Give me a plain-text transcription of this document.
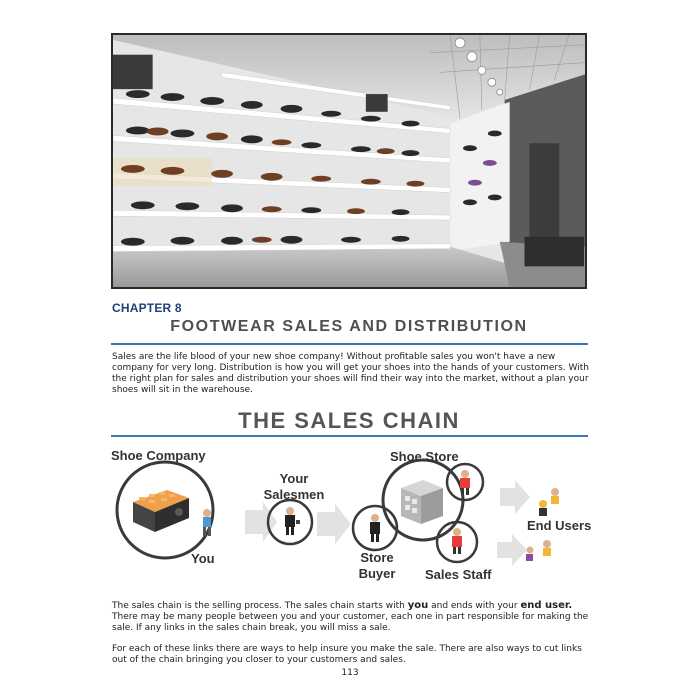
CHAPTER 8
FOOTWEAR SALES AND DISTRIBUTION
Sales are the life blood of your new shoe company! Without profitable sales you won't have a new company for very long. Distribution is how you will get your shoes into the hands of your customers. With the right plan for sales and distribution your shoes will find their way into the market, without a plan your shoes will sit in the warehouse.
THE SALES CHAIN
Shoe Company
You
Your
Salesmen
Shoe Store
Store
Buyer Sales Staff
End Users
The sales chain is the selling process. The sales chain starts with you and ends with your end user. There may be many people between you and your customer, each one in part responsible for making the sale. If any links in the sales chain break, you will miss a sale.
For each of these links there are ways to help insure you make the sale. There are also ways to cut links out of the chain bringing you closer to your customers and sales.
113
